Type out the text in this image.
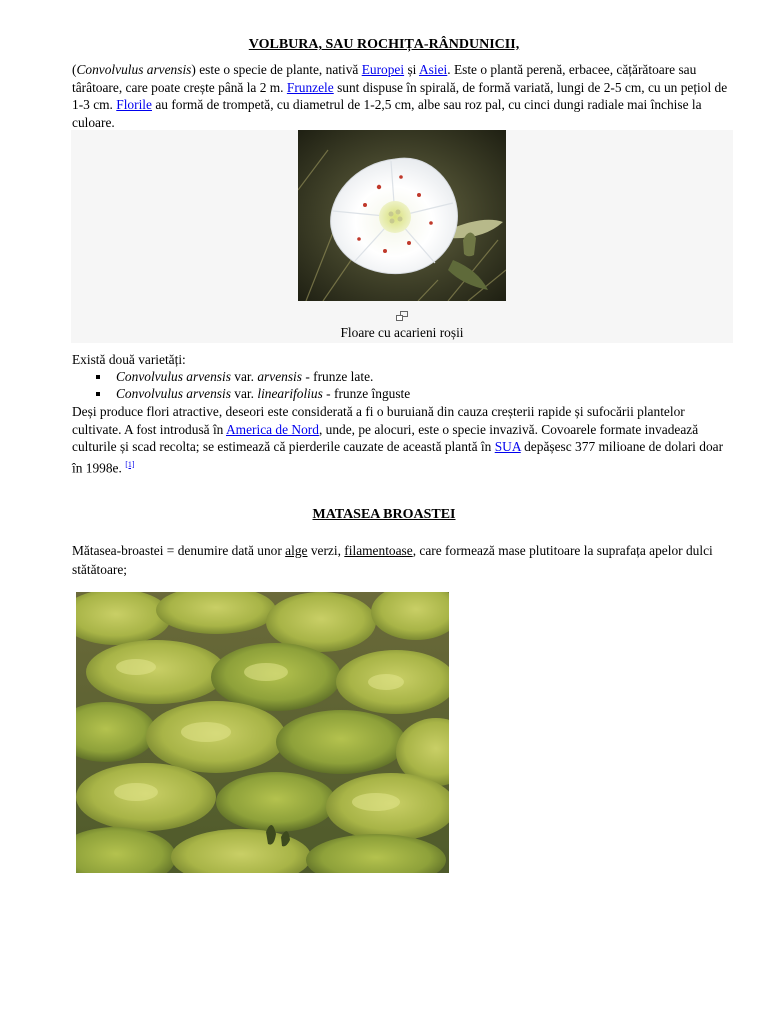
VOLBURA, SAU ROCHIȚA-RÂNDUNICII,
(Convolvulus arvensis) este o specie de plante, nativă Europei și Asiei. Este o plantă perenă, erbacee, cățărătoare sau târâtoare, care poate crește până la 2 m. Frunzele sunt dispuse în spirală, de formă variată, lungi de 2-5 cm, cu un pețiol de 1-3 cm. Florile au formă de trompetă, cu diametrul de 1-2,5 cm, albe sau roz pal, cu cinci dungi radiale mai închise la culoare.
Floare cu acarieni roșii
Există două varietăți:
Convolvulus arvensis var. arvensis - frunze late.
Convolvulus arvensis var. linearifolius - frunze înguste
Deși produce flori atractive, deseori este considerată a fi o buruiană din cauza creșterii rapide și sufocării plantelor cultivate. A fost introdusă în America de Nord, unde, pe alocuri, este o specie invazivă. Covoarele formate invadează culturile și scad recolta; se estimează că pierderile cauzate de această plantă în SUA depășesc 377 milioane de dolari doar în 1998e. [1]
MATASEA BROASTEI
Mătasea-broastei = denumire dată unor alge verzi, filamentoase, care formează mase plutitoare la suprafața apelor dulci stătătoare;
